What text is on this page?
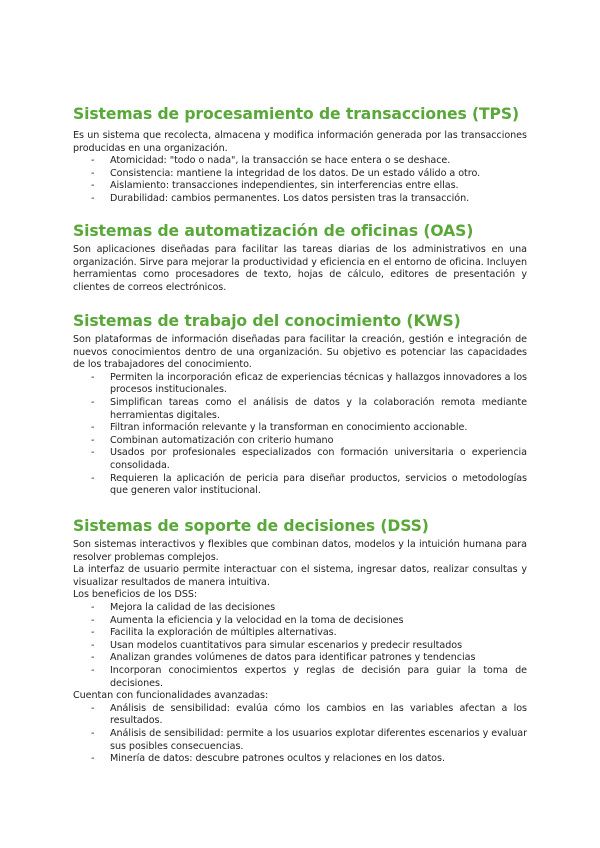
Sistemas de procesamiento de transacciones (TPS)

Es un sistema que recolecta, almacena y modifica información generada por las transacciones producidas en una organización.

- Atomicidad: "todo o nada", la transacción se hace entera o se deshace.
- Consistencia: mantiene la integridad de los datos. De un estado válido a otro.
- Aislamiento: transacciones independientes, sin interferencias entre ellas.
- Durabilidad: cambios permanentes. Los datos persisten tras la transacción.
Sistemas de automatización de oficinas (OAS)

Son aplicaciones diseñadas para facilitar las tareas diarias de los administrativos en una organización. Sirve para mejorar la productividad y eficiencia en el entorno de oficina. Incluyen herramientas como procesadores de texto, hojas de cálculo, editores de presentación y clientes de correos electrónicos.

Sistemas de trabajo del conocimiento (KWS)

Son plataformas de información diseñadas para facilitar la creación, gestión e integración de nuevos conocimientos dentro de una organización. Su objetivo es potenciar las capacidades de los trabajadores del conocimiento.

- Permiten la incorporación eficaz de experiencias técnicas y hallazgos innovadores a los procesos institucionales.
- Simplifican tareas como el análisis de datos y la colaboración remota mediante herramientas digitales.
- Filtran información relevante y la transforman en conocimiento accionable.
- Combinan automatización con criterio humano
- Usados por profesionales especializados con formación universitaria o experiencia consolidada.
- Requieren la aplicación de pericia para diseñar productos, servicios o metodologías que generen valor institucional.
Sistemas de soporte de decisiones (DSS)

Son sistemas interactivos y flexibles que combinan datos, modelos y la intuición humana para resolver problemas complejos.

La interfaz de usuario permite interactuar con el sistema, ingresar datos, realizar consultas y visualizar resultados de manera intuitiva.

Los beneficios de los DSS:

- Mejora la calidad de las decisiones
- Aumenta la eficiencia y la velocidad en la toma de decisiones
- Facilita la exploración de múltiples alternativas.
- Usan modelos cuantitativos para simular escenarios y predecir resultados
- Analizan grandes volúmenes de datos para identificar patrones y tendencias
- Incorporan conocimientos expertos y reglas de decisión para guiar la toma de decisiones.

Cuentan con funcionalidades avanzadas:

- Análisis de sensibilidad: evalúa cómo los cambios en las variables afectan a los resultados.
- Análisis de sensibilidad: permite a los usuarios explotar diferentes escenarios y evaluar sus posibles consecuencias.
- Minería de datos: descubre patrones ocultos y relaciones en los datos.
